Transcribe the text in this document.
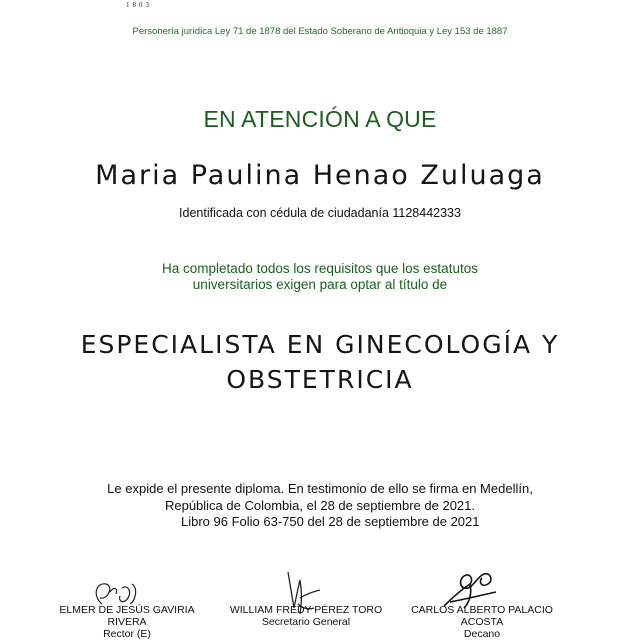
1803
Personería jurídica Ley 71 de 1878 del Estado Soberano de Antioquia y Ley 153 de 1887
EN ATENCIÓN A QUE
Maria Paulina Henao Zuluaga
Identificada con cédula de ciudadanía 1128442333
Ha completado todos los requisitos que los estatutos
universitarios exigen para optar al título de
ESPECIALISTA EN GINECOLOGÍA Y
OBSTETRICIA
Le expide el presente diploma. En testimonio de ello se firma en Medellín,
República de Colombia, el 28 de septiembre de 2021.
Libro 96 Folio 63-750 del 28 de septiembre de 2021
ELMER DE JESÚS GAVIRIA RIVERA
Rector (E)
WILLIAM FREDY PÉREZ TORO
Secretario General
CARLOS ALBERTO PALACIO
ACOSTA
Decano
